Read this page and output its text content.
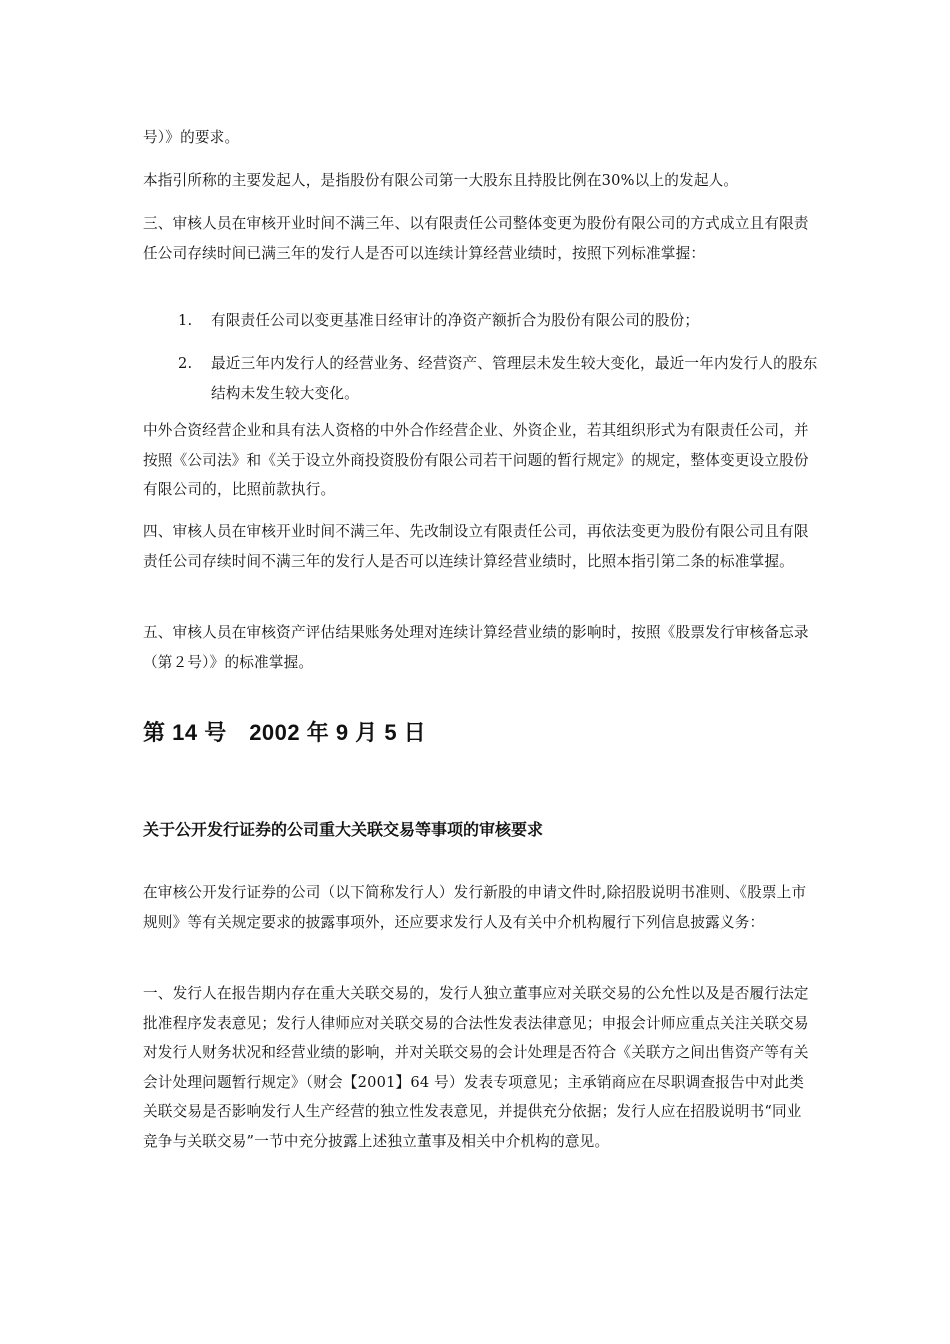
号）》的要求。

本指引所称的主要发起人，是指股份有限公司第一大股东且持股比例在30%以上的发起人。

三、审核人员在审核开业时间不满三年、以有限责任公司整体变更为股份有限公司的方式成立且有限责任公司存续时间已满三年的发行人是否可以连续计算经营业绩时，按照下列标准掌握：

1. 有限责任公司以变更基准日经审计的净资产额折合为股份有限公司的股份；
2.	最近三年内发行人的经营业务、经营资产、管理层未发生较大变化，最近一年内发行人的股东结构未发生较大变化。

中外合资经营企业和具有法人资格的中外合作经营企业、外资企业，若其组织形式为有限责任公司，并按照《公司法》和《关于设立外商投资股份有限公司若干问题的暂行规定》的规定，整体变更设立股份有限公司的，比照前款执行。

四、审核人员在审核开业时间不满三年、先改制设立有限责任公司，再依法变更为股份有限公司且有限责任公司存续时间不满三年的发行人是否可以连续计算经营业绩时，比照本指引第二条的标准掌握。

五、审核人员在审核资产评估结果账务处理对连续计算经营业绩的影响时，按照《股票发行审核备忘录（第２号）》的标准掌握。

第 14 号　2002 年 9 月 5 日
关于公开发行证券的公司重大关联交易等事项的审核要求

在审核公开发行证券的公司（以下简称发行人）发行新股的申请文件时,除招股说明书准则、《股票上市规则》等有关规定要求的披露事项外，还应要求发行人及有关中介机构履行下列信息披露义务：

一、发行人在报告期内存在重大关联交易的，发行人独立董事应对关联交易的公允性以及是否履行法定批准程序发表意见；发行人律师应对关联交易的合法性发表法律意见；申报会计师应重点关注关联交易对发行人财务状况和经营业绩的影响，并对关联交易的会计处理是否符合《关联方之间出售资产等有关会计处理问题暂行规定》（财会【2001】64 号）发表专项意见；主承销商应在尽职调查报告中对此类关联交易是否影响发行人生产经营的独立性发表意见，并提供充分依据；发行人应在招股说明书“同业竞争与关联交易”一节中充分披露上述独立董事及相关中介机构的意见。
